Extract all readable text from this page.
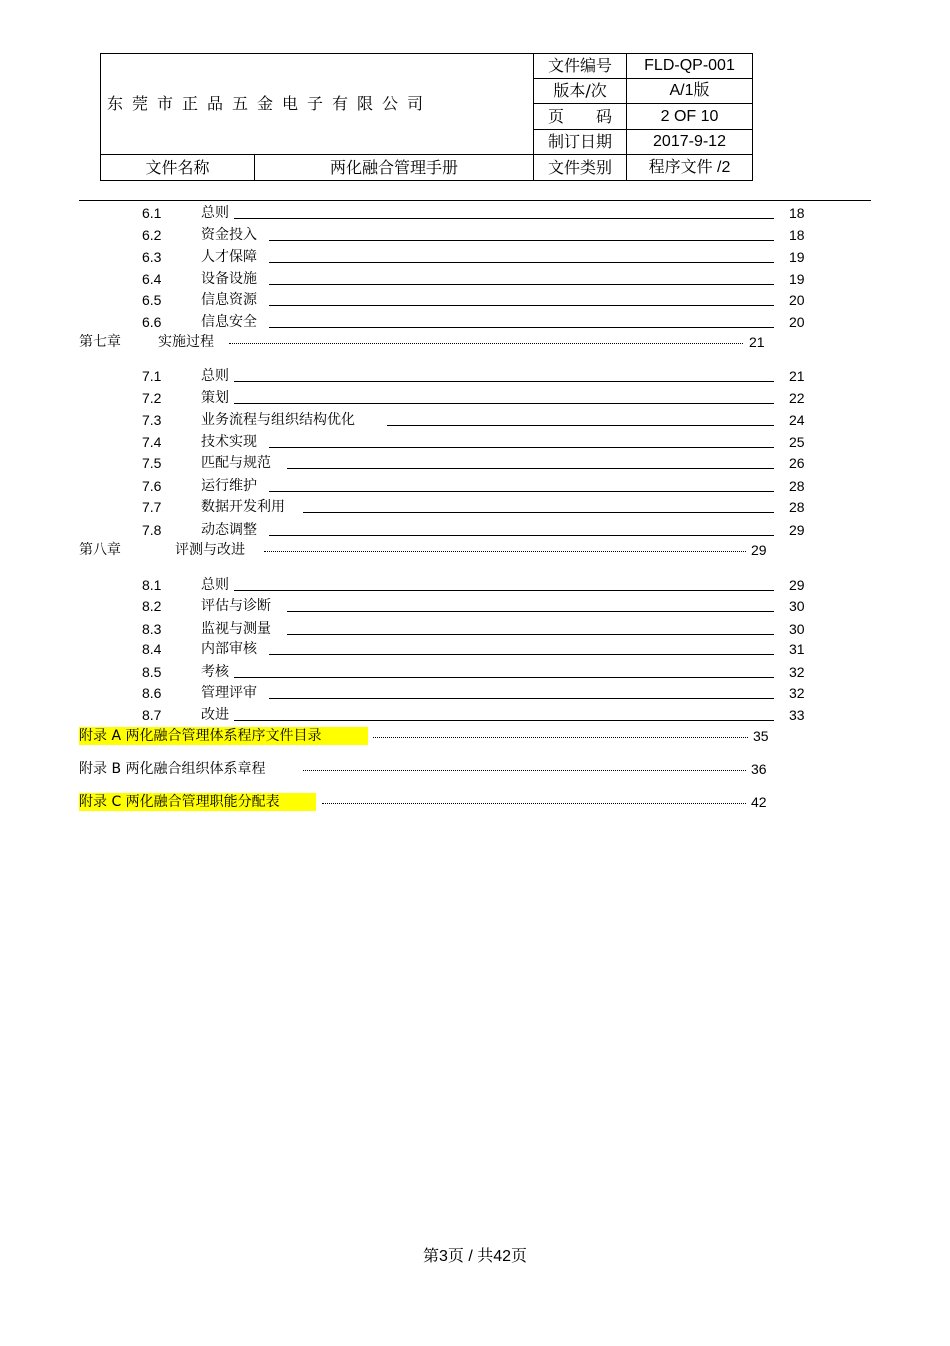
东莞市正品五金电子有限公司		文件编号	FLD-QP-001
		版本/次	A/1版
		页　　码	2 OF 10
		制订日期	2017-9-12
文件名称	两化融合管理手册	文件类别	程序文件 /2
6.1	总则	18
6.2	资金投入	18
6.3	人才保障	19
6.4	设备设施	19
6.5	信息资源	20
6.6	信息安全	20
第七章	实施过程	21
7.1	总则	21
7.2	策划	22
7.3	业务流程与组织结构优化	24
7.4	技术实现	25
7.5	匹配与规范	26
7.6	运行维护	28
7.7	数据开发利用	28
7.8	动态调整	29
第八章	评测与改进	29
8.1	总则	29
8.2	评估与诊断	30
8.3	监视与测量	30
8.4	内部审核	31
8.5	考核	32
8.6	管理评审	32
8.7	改进	33
附录 A 两化融合管理体系程序文件目录	35
附录 B 两化融合组织体系章程	36
附录 C 两化融合管理职能分配表	42
第3页 / 共42页
